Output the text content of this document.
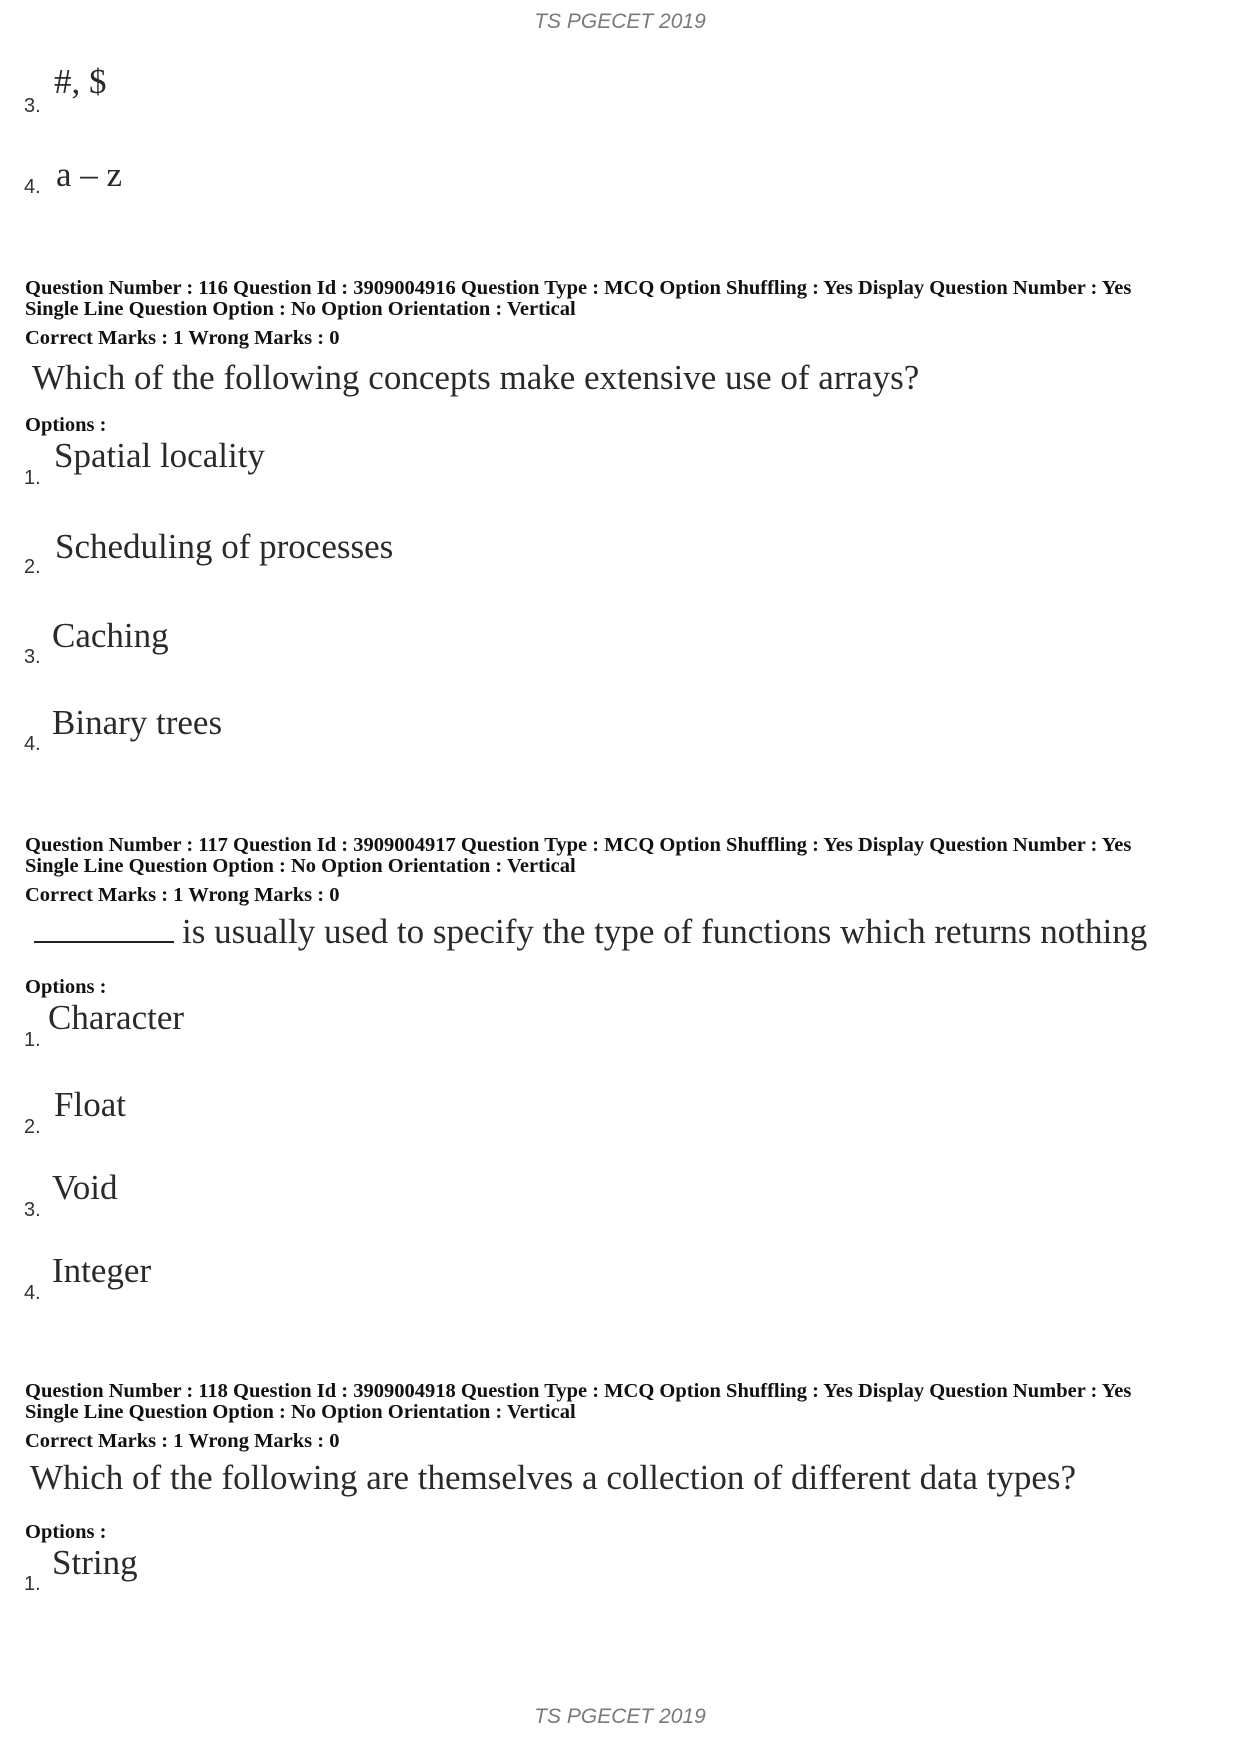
TS PGECET 2019
3.
#, $
4. a – z
Question Number : 116 Question Id : 3909004916 Question Type : MCQ Option Shuffling : Yes Display Question Number : Yes
Single Line Question Option : No Option Orientation : Vertical
Correct Marks : 1 Wrong Marks : 0
Which of the following concepts make extensive use of arrays?
Options :
1.
Spatial locality
2.
Scheduling of processes
3.
Caching
4.
Binary trees
Question Number : 117 Question Id : 3909004917 Question Type : MCQ Option Shuffling : Yes Display Question Number : Yes
Single Line Question Option : No Option Orientation : Vertical
Correct Marks : 1 Wrong Marks : 0
is usually used to specify the type of functions which returns nothing
Options :
1.
Character
2.
Float
3.
Void
4.
Integer
Question Number : 118 Question Id : 3909004918 Question Type : MCQ Option Shuffling : Yes Display Question Number : Yes
Single Line Question Option : No Option Orientation : Vertical
Correct Marks : 1 Wrong Marks : 0
Which of the following are themselves a collection of different data types?
Options :
1.
String
TS PGECET 2019
